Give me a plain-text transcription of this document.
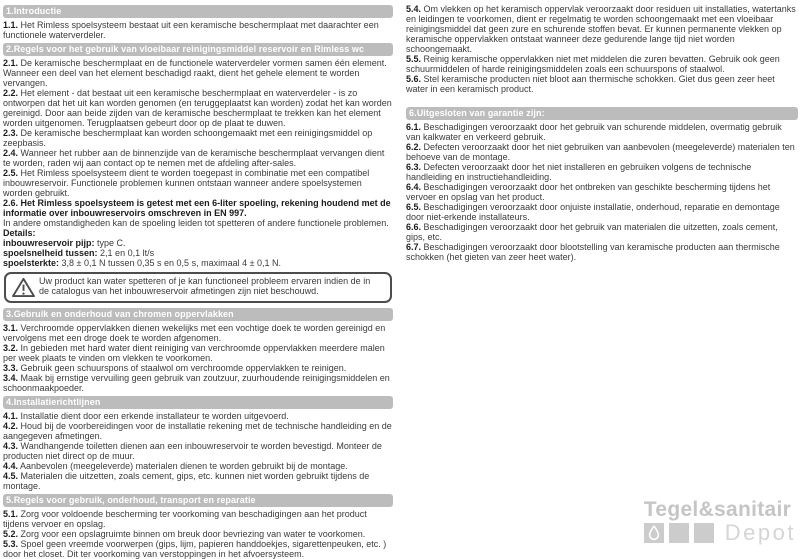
1.Introductie

1.1. Het Rimless spoelsysteem bestaat uit een keramische beschermplaat met daarachter een functionele waterverdeler.

2.Regels voor het gebruik van vloeibaar reinigingsmiddel reservoir en Rimless wc

2.1. De keramische beschermplaat en de functionele waterverdeler vormen samen één element. Wanneer een deel van het element beschadigd raakt, dient het gehele element te worden vervangen.

2.2. Het element - dat bestaat uit een keramische beschermplaat en waterverdeler - is zo ontworpen dat het uit kan worden genomen (en teruggeplaatst kan worden) zodat het kan worden gereinigd. Door aan beide zijden van de keramische beschermplaat te trekken kan het element worden uitgenomen. Terugplaatsen gebeurt door op de plaat te duwen.

2.3. De keramische beschermplaat kan worden schoongemaakt met een reinigingsmiddel op zeepbasis.

2.4. Wanneer het rubber aan de binnenzijde van de keramische beschermplaat vervangen dient te worden, raden wij aan contact op te nemen met de afdeling after-sales.

2.5. Het Rimless spoelsysteem dient te worden toegepast in combinatie met een compatibel inbouwreservoir. Functionele problemen kunnen ontstaan wanneer andere spoelsystemen worden gebruikt.

2.6. Het Rimless spoelsysteem is getest met een 6-liter spoeling, rekening houdend met de informatie over inbouwreservoirs omschreven in EN 997.

In andere omstandigheden kan de spoeling leiden tot spetteren of andere functionele problemen.

Details:

inbouwreservoir pijp: type C.

spoelsnelheid tussen: 2,1 en 0,1 lt/s

spoelsterkte: 3,8 ± 0,1 N tussen 0,35 s en 0,5 s, maximaal 4 ± 0,1 N.

Uw product kan water spetteren of je kan functioneel probleem ervaren indien de in de catalogus van het inbouwreservoir afmetingen zijn niet beschouwd.
3.Gebruik en onderhoud van chromen oppervlakken

3.1. Verchroomde oppervlakken dienen wekelijks met een vochtige doek te worden gereinigd en vervolgens met een droge doek te worden afgenomen.

3.2. In gebieden met hard water dient reiniging van verchroomde oppervlakken meerdere malen per week plaats te vinden om vlekken te voorkomen.

3.3. Gebruik geen schuurspons of staalwol om verchroomde oppervlakken te reinigen.

3.4. Maak bij ernstige vervuiling geen gebruik van zoutzuur, zuurhoudende reinigingsmiddelen en schoonmaakpoeder.

4.Installatierichtlijnen

4.1. Installatie dient door een erkende installateur te worden uitgevoerd.

4.2. Houd bij de voorbereidingen voor de installatie rekening met de technische handleiding en de aangegeven afmetingen.

4.3. Wandhangende toiletten dienen aan een inbouwreservoir te worden bevestigd. Monteer de producten niet direct op de muur.

4.4. Aanbevolen (meegeleverde) materialen dienen te worden gebruikt bij de montage.

4.5. Materialen die uitzetten, zoals cement, gips, etc. kunnen niet worden gebruikt tijdens de montage.

5.Regels voor gebruik, onderhoud, transport en reparatie

5.1. Zorg voor voldoende bescherming ter voorkoming van beschadigingen aan het product tijdens vervoer en opslag.

5.2. Zorg voor een opslagruimte binnen om breuk door bevriezing van water te voorkomen.

5.3. Spoel geen vreemde voorwerpen (gips, lijm, papieren handdoekjes, sigarettenpeuken, etc. ) door het closet. Dit ter voorkoming van verstoppingen in het afvoersysteem.

5.4. Om vlekken op het keramisch oppervlak veroorzaakt door residuen uit installaties, watertanks en leidingen te voorkomen, dient er regelmatig te worden schoongemaakt met een vloeibaar reinigingsmiddel dat geen zure en schurende stoffen bevat. Er kunnen permanente vlekken op keramische oppervlakken ontstaat wanneer deze gedurende lange tijd niet worden schoongemaakt.

5.5. Reinig keramische oppervlakken niet met middelen die zuren bevatten. Gebruik ook geen schuurmiddelen of harde reinigingsmiddelen zoals een schuurspons of staalwol.

5.6. Stel keramische producten niet bloot aan thermische schokken. Giet dus geen zeer heet water in een keramisch product.

6.Uitgesloten van garantie zijn:

6.1. Beschadigingen veroorzaakt door het gebruik van schurende middelen, overmatig gebruik van kalkwater en verkeerd gebruik.

6.2. Defecten veroorzaakt door het niet gebruiken van aanbevolen (meegeleverde) materialen ten behoeve van de montage.

6.3. Defecten veroorzaakt door het niet installeren en gebruiken volgens de technische handleiding en instructiehandleiding.

6.4. Beschadigingen veroorzaakt door het ontbreken van geschikte bescherming tijdens het vervoer en opslag van het product.

6.5. Beschadigingen veroorzaakt door onjuiste installatie, onderhoud, reparatie en demontage door niet-erkende installateurs.

6.6. Beschadigingen veroorzaakt door het gebruik van materialen die uitzetten, zoals cement, gips, etc.

6.7. Beschadigingen veroorzaakt door blootstelling van keramische producten aan thermische schokken (het gieten van zeer heet water).

Tegel&sanitair
Depot
